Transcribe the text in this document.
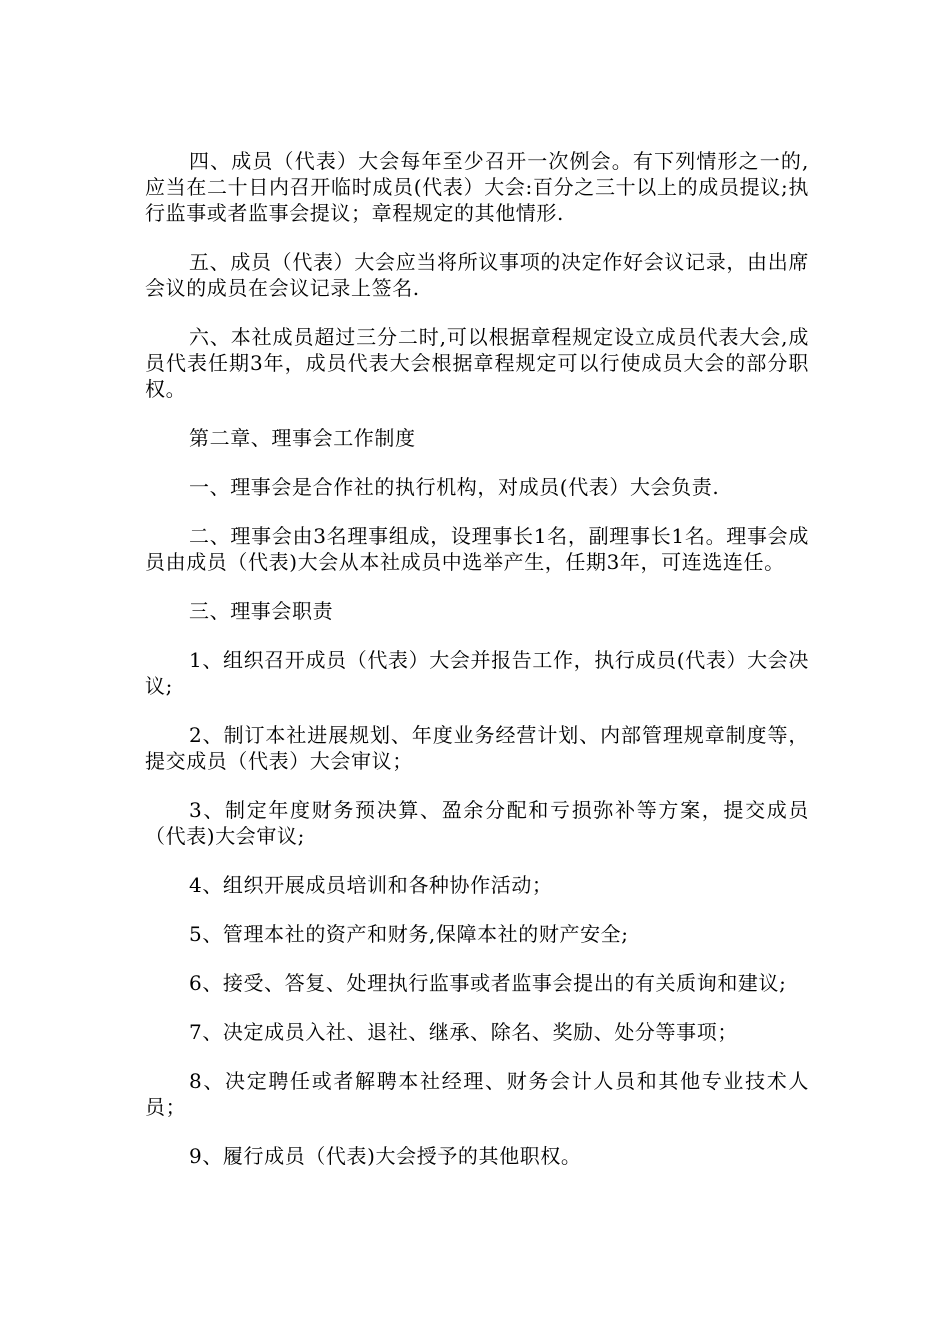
四、成员（代表）大会每年至少召开一次例会。有下列情形之一的,应当在二十日内召开临时成员(代表）大会:百分之三十以上的成员提议;执行监事或者监事会提议；章程规定的其他情形.

五、成员（代表）大会应当将所议事项的决定作好会议记录，由出席会议的成员在会议记录上签名.

六、本社成员超过三分二时,可以根据章程规定设立成员代表大会,成员代表任期3年，成员代表大会根据章程规定可以行使成员大会的部分职权。

第二章、理事会工作制度

一、理事会是合作社的执行机构，对成员(代表）大会负责.

二、理事会由3名理事组成，设理事长1名，副理事长1名。理事会成员由成员（代表)大会从本社成员中选举产生，任期3年，可连选连任。

三、理事会职责

1、组织召开成员（代表）大会并报告工作，执行成员(代表）大会决议;

2、制订本社进展规划、年度业务经营计划、内部管理规章制度等，提交成员（代表）大会审议；

3、制定年度财务预决算、盈余分配和亏损弥补等方案，提交成员（代表)大会审议;

4、组织开展成员培训和各种协作活动；

5、管理本社的资产和财务,保障本社的财产安全;

6、接受、答复、处理执行监事或者监事会提出的有关质询和建议;

7、决定成员入社、退社、继承、除名、奖励、处分等事项；

8、决定聘任或者解聘本社经理、财务会计人员和其他专业技术人员；

9、履行成员（代表)大会授予的其他职权。
